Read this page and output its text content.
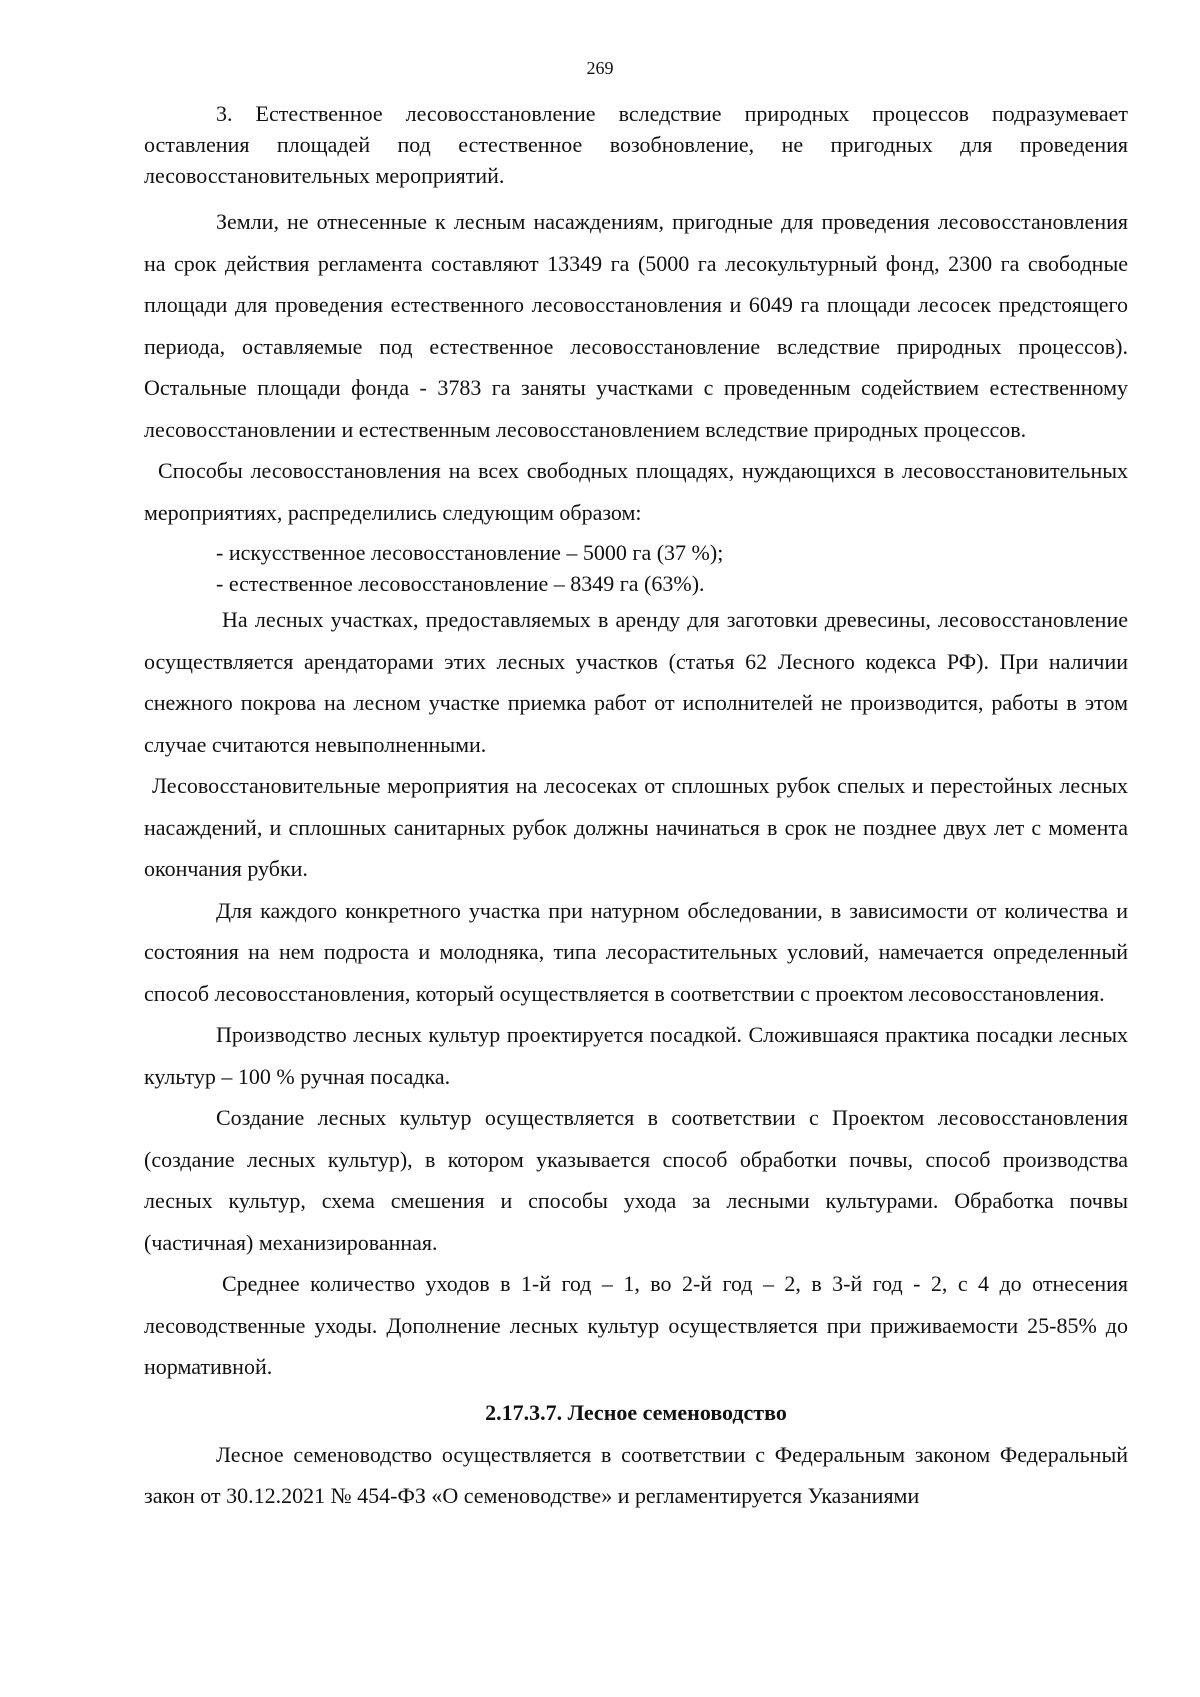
269

3. Естественное лесовосстановление вследствие природных процессов подразумевает оставления площадей под естественное возобновление, не пригодных для проведения лесовосстановительных мероприятий.

Земли, не отнесенные к лесным насаждениям, пригодные для проведения лесовосстановления на срок действия регламента составляют 13349 га (5000 га лесокультурный фонд, 2300 га свободные площади для проведения естественного лесовосстановления и 6049 га площади лесосек предстоящего периода, оставляемые под естественное лесовосстановление вследствие природных процессов). Остальные площади фонда - 3783 га заняты участками с проведенным содействием естественному лесовосстановлении и естественным лесовосстановлением вследствие природных процессов.

Способы лесовосстановления на всех свободных площадях, нуждающихся в лесовосстановительных мероприятиях, распределились следующим образом:

- искусственное лесовосстановление – 5000 га (37 %);
- естественное лесовосстановление – 8349 га (63%).

На лесных участках, предоставляемых в аренду для заготовки древесины, лесовосстановление осуществляется арендаторами этих лесных участков (статья 62 Лесного кодекса РФ). При наличии снежного покрова на лесном участке приемка работ от исполнителей не производится, работы в этом случае считаются невыполненными.

Лесовосстановительные мероприятия на лесосеках от сплошных рубок спелых и перестойных лесных насаждений, и сплошных санитарных рубок должны начинаться в срок не позднее двух лет с момента окончания рубки.

Для каждого конкретного участка при натурном обследовании, в зависимости от количества и состояния на нем подроста и молодняка, типа лесорастительных условий, намечается определенный способ лесовосстановления, который осуществляется в соответствии с проектом лесовосстановления.

Производство лесных культур проектируется посадкой. Сложившаяся практика посадки лесных культур – 100 % ручная посадка.

Создание лесных культур осуществляется в соответствии с Проектом лесовосстановления (создание лесных культур), в котором указывается способ обработки почвы, способ производства лесных культур, схема смешения и способы ухода за лесными культурами. Обработка почвы (частичная) механизированная.

Среднее количество уходов в 1-й год – 1, во 2-й год – 2, в 3-й год - 2, с 4 до отнесения лесоводственные уходы. Дополнение лесных культур осуществляется при приживаемости 25-85% до нормативной.

2.17.3.7. Лесное семеноводство

Лесное семеноводство осуществляется в соответствии с Федеральным законом Федеральный закон от 30.12.2021 № 454-ФЗ «О семеноводстве» и регламентируется Указаниями
